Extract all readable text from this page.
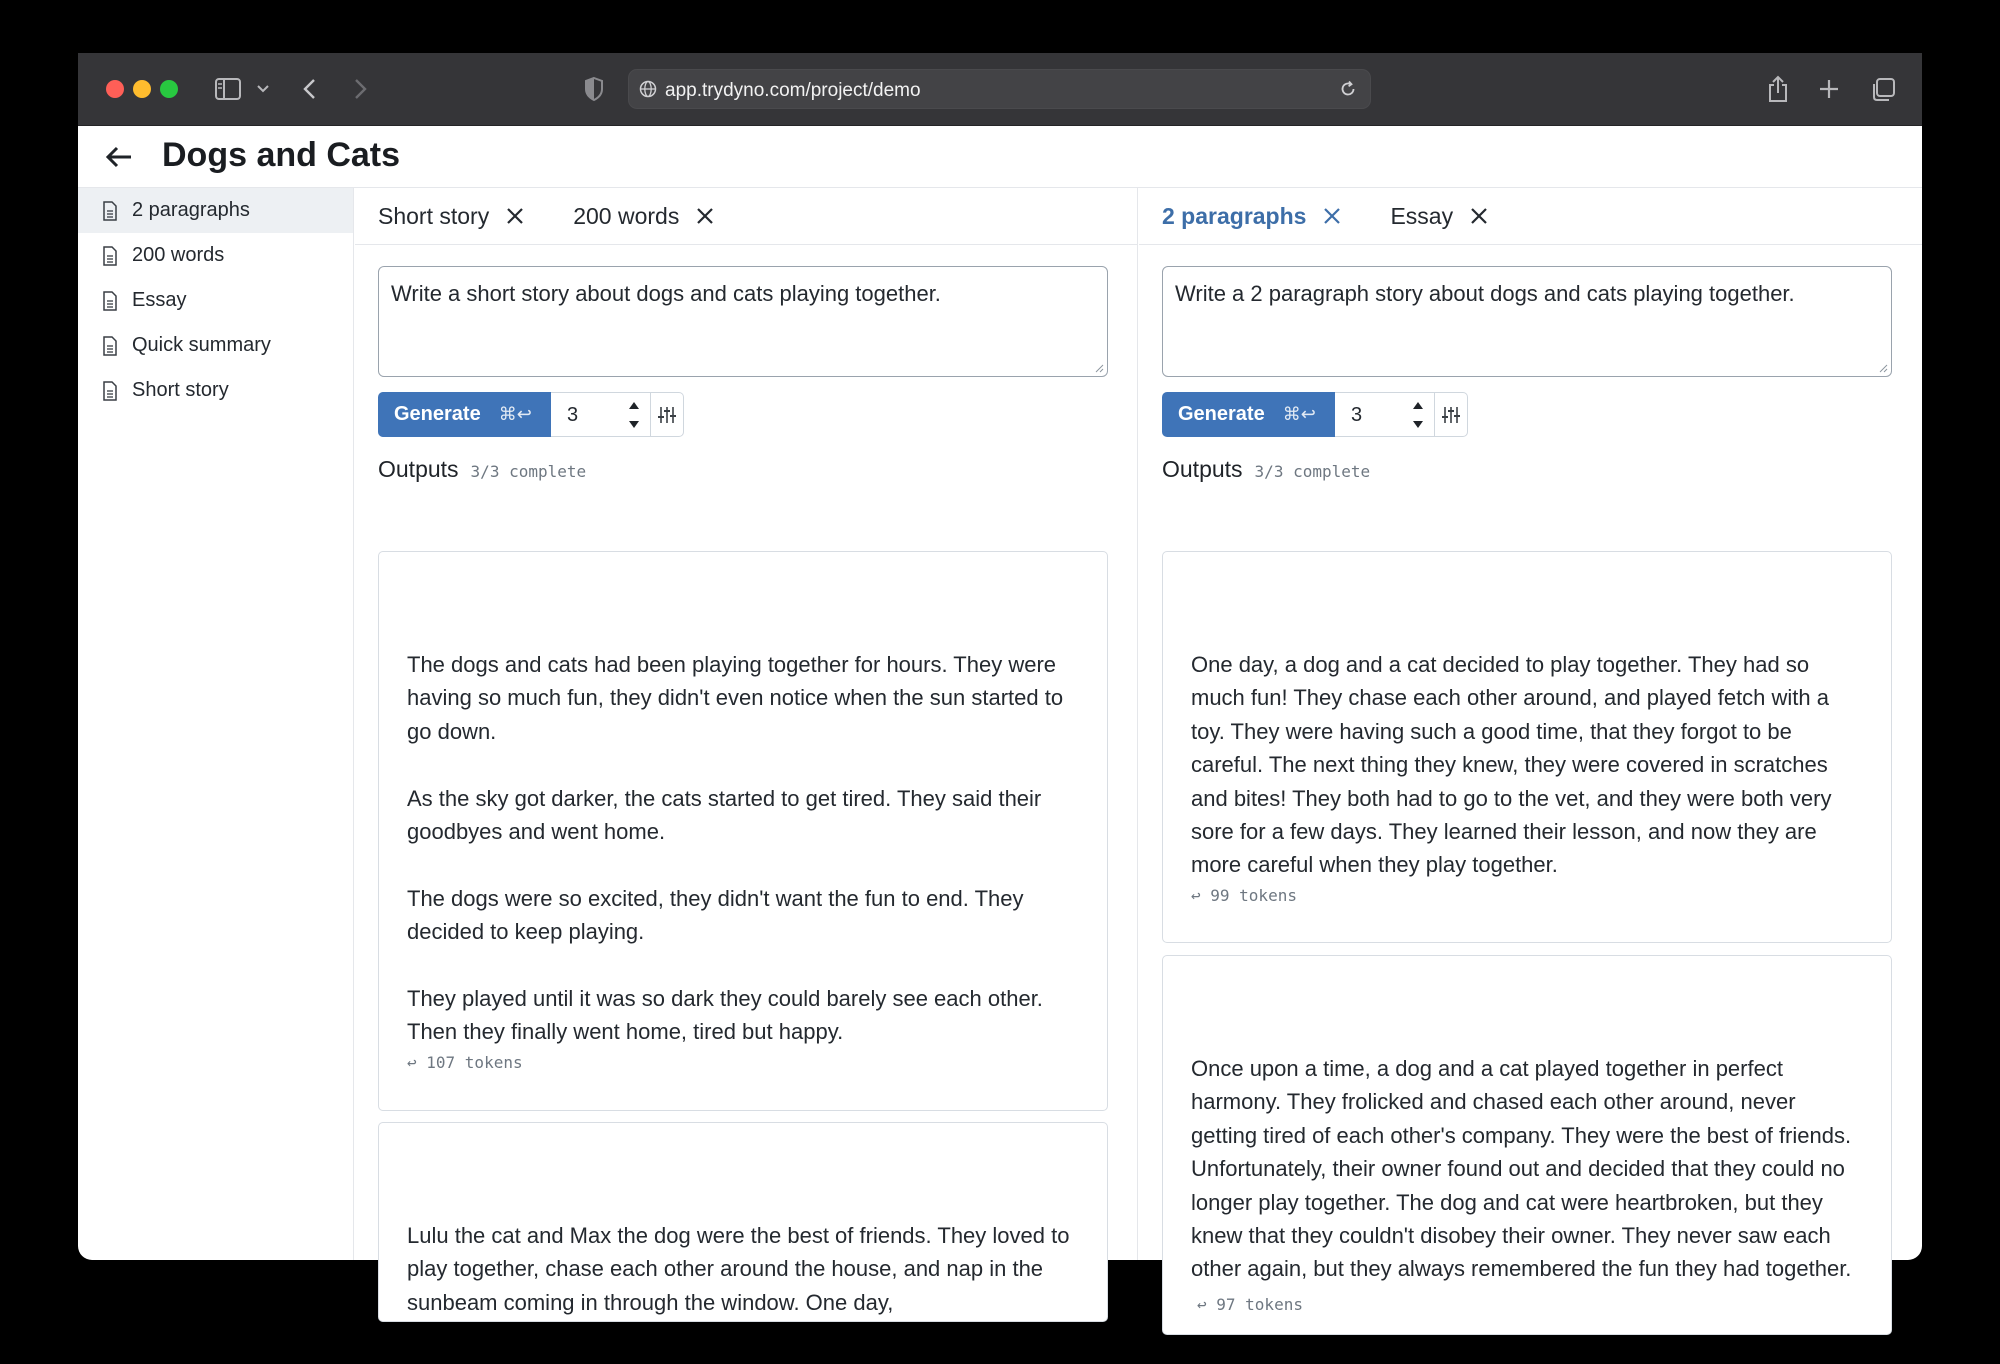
app.trydyno.com/project/demo
Dogs and Cats
2 paragraphs
200 words
Essay
Quick summary
Short story
Short story	200 words
Write a short story about dogs and cats playing together.
Generate ⌘↩	3
Outputs 3/3 complete

The dogs and cats had been playing together for hours. They were having so much fun, they didn't even notice when the sun started to go down.

As the sky got darker, the cats started to get tired. They said their goodbyes and went home.

The dogs were so excited, they didn't want the fun to end. They decided to keep playing.

They played until it was so dark they could barely see each other. Then they finally went home, tired but happy.

↩ 107 tokens

Lulu the cat and Max the dog were the best of friends. They loved to play together, chase each other around the house, and nap in the sunbeam coming in through the window. One day,

2 paragraphs	Essay
Write a 2 paragraph story about dogs and cats playing together.
Generate ⌘↩	3
Outputs 3/3 complete

One day, a dog and a cat decided to play together. They had so much fun! They chase each other around, and played fetch with a toy. They were having such a good time, that they forgot to be careful. The next thing they knew, they were covered in scratches and bites! They both had to go to the vet, and they were both very sore for a few days. They learned their lesson, and now they are more careful when they play together.

↩ 99 tokens

Once upon a time, a dog and a cat played together in perfect harmony. They frolicked and chased each other around, never getting tired of each other's company. They were the best of friends. Unfortunately, their owner found out and decided that they could no longer play together. The dog and cat were heartbroken, but they knew that they couldn't disobey their owner. They never saw each other again, but they always remembered the fun they had together.

↩ 97 tokens
